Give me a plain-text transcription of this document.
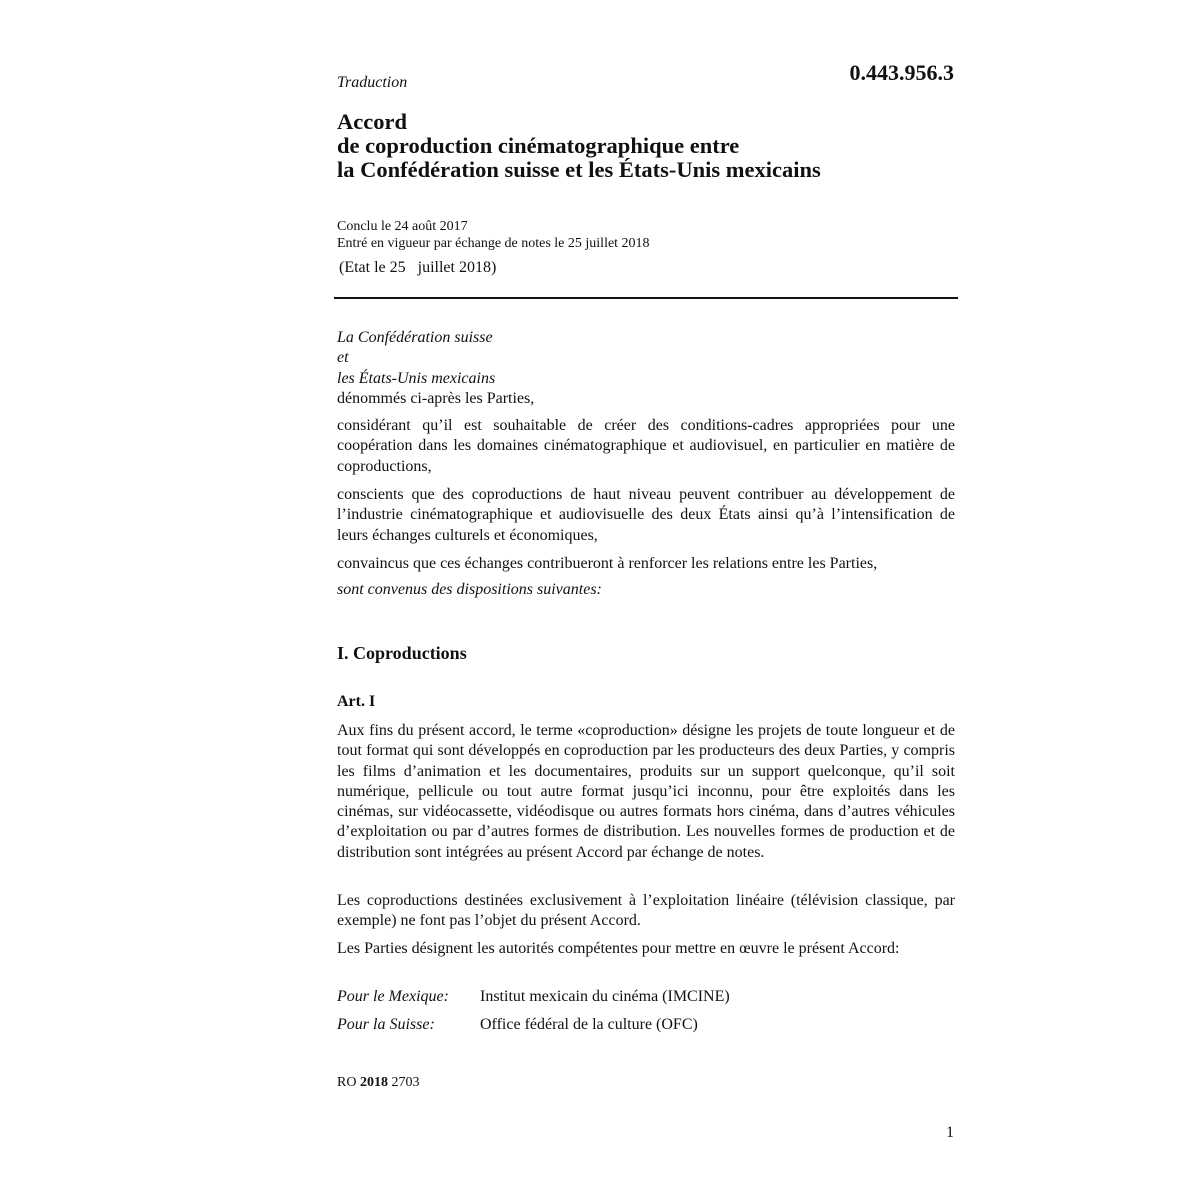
Traduction	0.443.956.3
Accord
de coproduction cinématographique entre
la Confédération suisse et les États-Unis mexicains
Conclu le 24 août 2017
Entré en vigueur par échange de notes le 25 juillet 2018
(Etat le 25   juillet 2018)
La Confédération suisse
et
les États-Unis mexicains
dénommés ci-après les Parties,

considérant qu’il est souhaitable de créer des conditions-cadres appropriées pour une coopération dans les domaines cinématographique et audiovisuel, en particulier en matière de coproductions,

conscients que des coproductions de haut niveau peuvent contribuer au développement de l’industrie cinématographique et audiovisuelle des deux États ainsi qu’à l’intensification de leurs échanges culturels et économiques,

convaincus que ces échanges contribueront à renforcer les relations entre les Parties,

sont convenus des dispositions suivantes:

I. Coproductions
Art. I

Aux fins du présent accord, le terme «coproduction» désigne les projets de toute longueur et de tout format qui sont développés en coproduction par les producteurs des deux Parties, y compris les films d’animation et les documentaires, produits sur un support quelconque, qu’il soit numérique, pellicule ou tout autre format jusqu’ici inconnu, pour être exploités dans les cinémas, sur vidéocassette, vidéodisque ou autres formats hors cinéma, dans d’autres véhicules d’exploitation ou par d’autres formes de distribution. Les nouvelles formes de production et de distribution sont intégrées au présent Accord par échange de notes.

Les coproductions destinées exclusivement à l’exploitation linéaire (télévision classique, par exemple) ne font pas l’objet du présent Accord.

Les Parties désignent les autorités compétentes pour mettre en œuvre le présent Accord:

Pour le Mexique:	Institut mexicain du cinéma (IMCINE)
Pour la Suisse:	Office fédéral de la culture (OFC)
RO 2018 2703
1
